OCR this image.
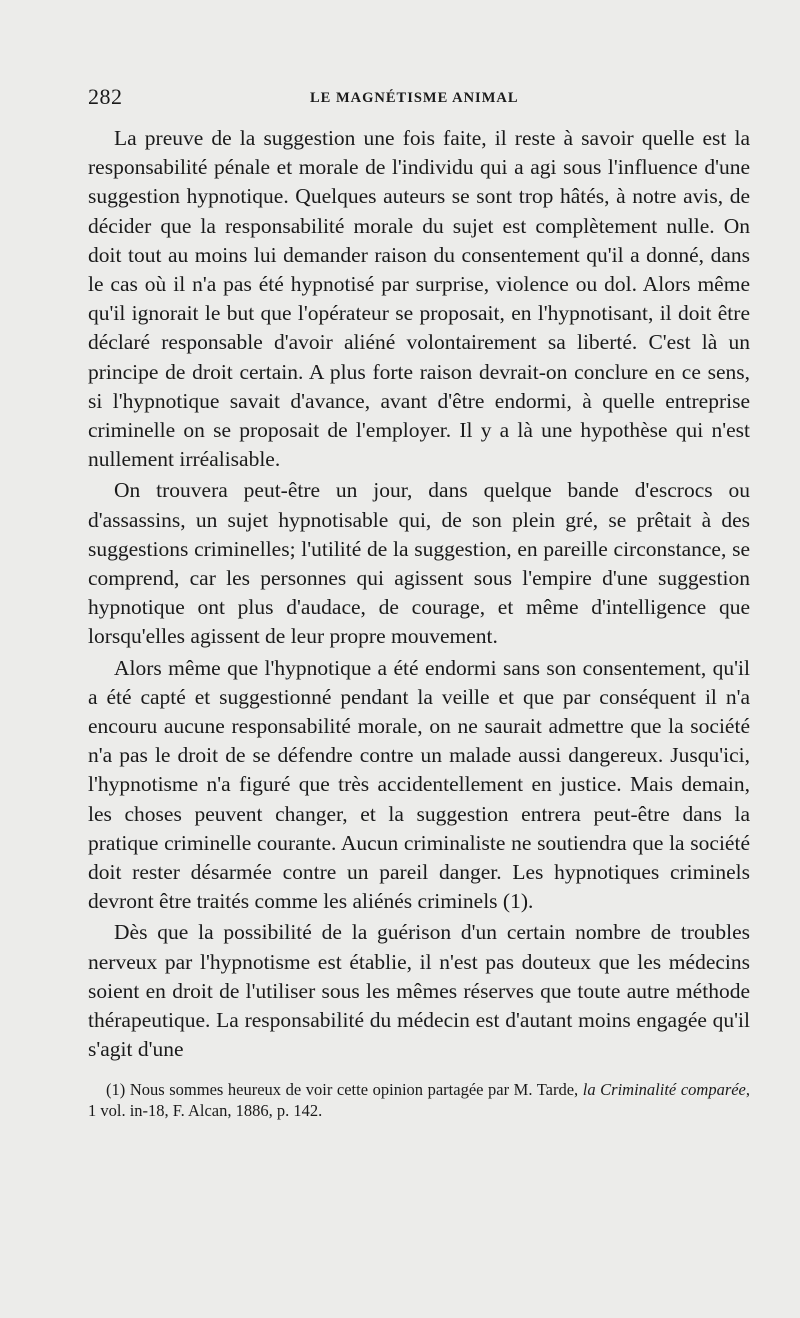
282	LE MAGNÉTISME ANIMAL

La preuve de la suggestion une fois faite, il reste à savoir quelle est la responsabilité pénale et morale de l'individu qui a agi sous l'influence d'une suggestion hypnotique. Quelques auteurs se sont trop hâtés, à notre avis, de décider que la responsabilité morale du sujet est complètement nulle. On doit tout au moins lui demander raison du consentement qu'il a donné, dans le cas où il n'a pas été hypnotisé par surprise, violence ou dol. Alors même qu'il ignorait le but que l'opérateur se proposait, en l'hypnotisant, il doit être déclaré responsable d'avoir aliéné volontairement sa liberté. C'est là un principe de droit certain. A plus forte raison devrait-on conclure en ce sens, si l'hypnotique savait d'avance, avant d'être endormi, à quelle entreprise criminelle on se proposait de l'employer. Il y a là une hypothèse qui n'est nullement irréalisable.

On trouvera peut-être un jour, dans quelque bande d'escrocs ou d'assassins, un sujet hypnotisable qui, de son plein gré, se prêtait à des suggestions criminelles; l'utilité de la suggestion, en pareille circonstance, se comprend, car les personnes qui agissent sous l'empire d'une suggestion hypnotique ont plus d'audace, de courage, et même d'intelligence que lorsqu'elles agissent de leur propre mouvement.

Alors même que l'hypnotique a été endormi sans son consentement, qu'il a été capté et suggestionné pendant la veille et que par conséquent il n'a encouru aucune responsabilité morale, on ne saurait admettre que la société n'a pas le droit de se défendre contre un malade aussi dangereux. Jusqu'ici, l'hypnotisme n'a figuré que très accidentellement en justice. Mais demain, les choses peuvent changer, et la suggestion entrera peut-être dans la pratique criminelle courante. Aucun criminaliste ne soutiendra que la société doit rester désarmée contre un pareil danger. Les hypnotiques criminels devront être traités comme les aliénés criminels (1).

Dès que la possibilité de la guérison d'un certain nombre de troubles nerveux par l'hypnotisme est établie, il n'est pas douteux que les médecins soient en droit de l'utiliser sous les mêmes réserves que toute autre méthode thérapeutique. La responsabilité du médecin est d'autant moins engagée qu'il s'agit d'une

(1) Nous sommes heureux de voir cette opinion partagée par M. Tarde, la Criminalité comparée, 1 vol. in-18, F. Alcan, 1886, p. 142.
